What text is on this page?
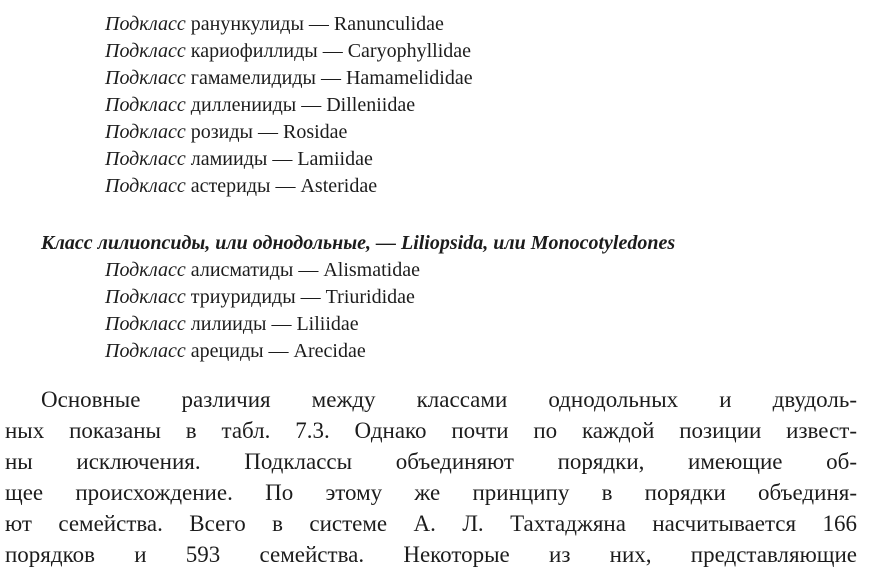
Подкласс ранункулиды — Ranunculidae
Подкласс кариофиллиды — Caryophyllidae
Подкласс гамамелидиды — Hamamelididae
Подкласс диллeнииды — Dilleniidae
Подкласс розиды — Rosidae
Подкласс ламииды — Lamiidae
Подкласс астериды — Asteridae

Класс лилиопсиды, или однодольные, — Liliopsida, или Monocotyledones

Подкласс алисматиды — Alismatidae
Подкласс триуридиды — Triurididae
Подкласс лилииды — Liliidae
Подкласс арециды — Arecidae
Основные различия между классами однодольных и двудоль-
ных показаны в табл. 7.3. Однако почти по каждой позиции извест-
ны исключения. Подклассы объединяют порядки, имеющие об-
щее происхождение. По этому же принципу в порядки объединя-
ют семейства. Всего в системе А. Л. Тахтаджяна насчитывается 166
порядков и 593 семейства. Некоторые из них, представляющие
